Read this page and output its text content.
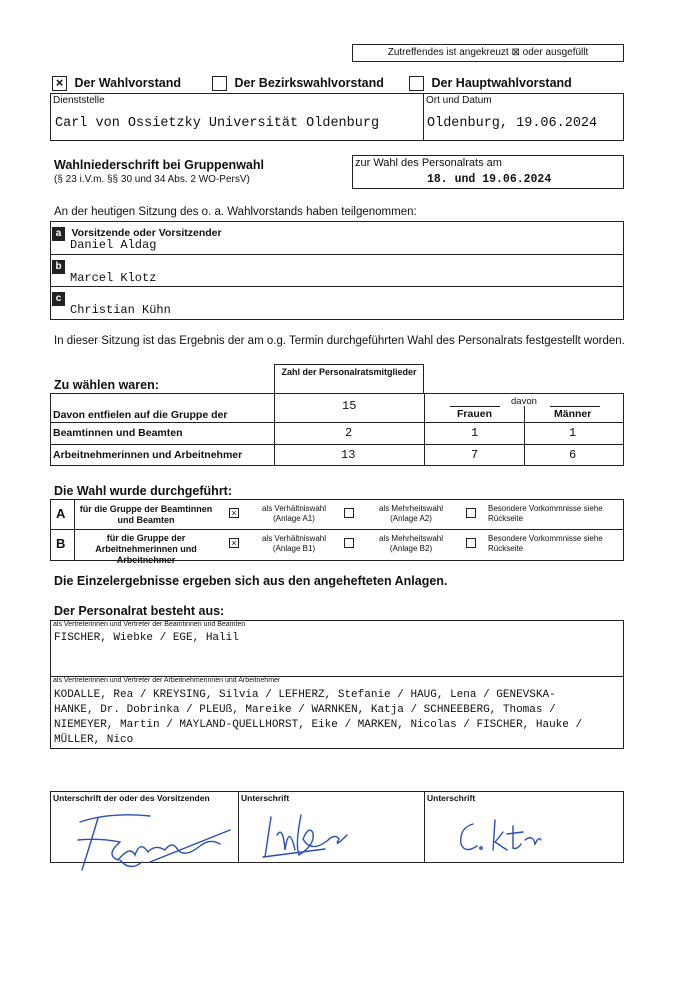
Zutreffendes ist angekreuzt ⊠ oder ausgefüllt
× Der Wahlvorstand	Der Bezirkswahlvorstand	Der Hauptwahlvorstand
Dienststelle
Carl von Ossietzky Universität Oldenburg
Ort und Datum
Oldenburg, 19.06.2024
Wahlniederschrift bei Gruppenwahl
(§ 23 i.V.m. §§ 30 und 34 Abs. 2 WO-PersV)
zur Wahl des Personalrats am
18. und 19.06.2024
An der heutigen Sitzung des o. a. Wahlvorstands haben teilgenommen:
a Vorsitzende oder Vorsitzender
Daniel Aldag
b
Marcel Klotz
c
Christian Kühn
In dieser Sitzung ist das Ergebnis der am o.g. Termin durchgeführten Wahl des Personalrats festgestellt worden.
Zahl der Personalratsmitglieder
Zu wählen waren:
15	davon
Frauen	Männer
Davon entfielen auf die Gruppe der
Beamtinnen und Beamten	2	1	1
Arbeitnehmerinnen und Arbeitnehmer	13	7	6
Die Wahl wurde durchgeführt:
A	für die Gruppe der Beamtinnen und Beamten
×	als Verhältniswahl (Anlage A1)
als Mehrheitswahl (Anlage A2)
Besondere Vorkommnisse siehe Rückseite
B	für die Gruppe der Arbeitnehmerinnen und Arbeitnehmer
×	als Verhältniswahl (Anlage B1)
als Mehrheitswahl (Anlage B2)
Besondere Vorkommnisse siehe Rückseite
Die Einzelergebnisse ergeben sich aus den angehefteten Anlagen.
Der Personalrat besteht aus:
als Vertreterinnen und Vertreter der Beamtinnen und Beamten
FISCHER, Wiebke / EGE, Halil
als Vertreterinnen und Vertreter der Arbeitnehmerinnen und Arbeitnehmer
KODALLE, Rea / KREYSING, Silvia / LEFHERZ, Stefanie / HAUG, Lena / GENEVSKA-
HANKE, Dr. Dobrinka / PLEUß, Mareike / WARNKEN, Katja / SCHNEEBERG, Thomas /
NIEMEYER, Martin / MAYLAND-QUELLHORST, Eike / MARKEN, Nicolas / FISCHER, Hauke /
MÜLLER, Nico
Unterschrift der oder des Vorsitzenden	Unterschrift	Unterschrift
